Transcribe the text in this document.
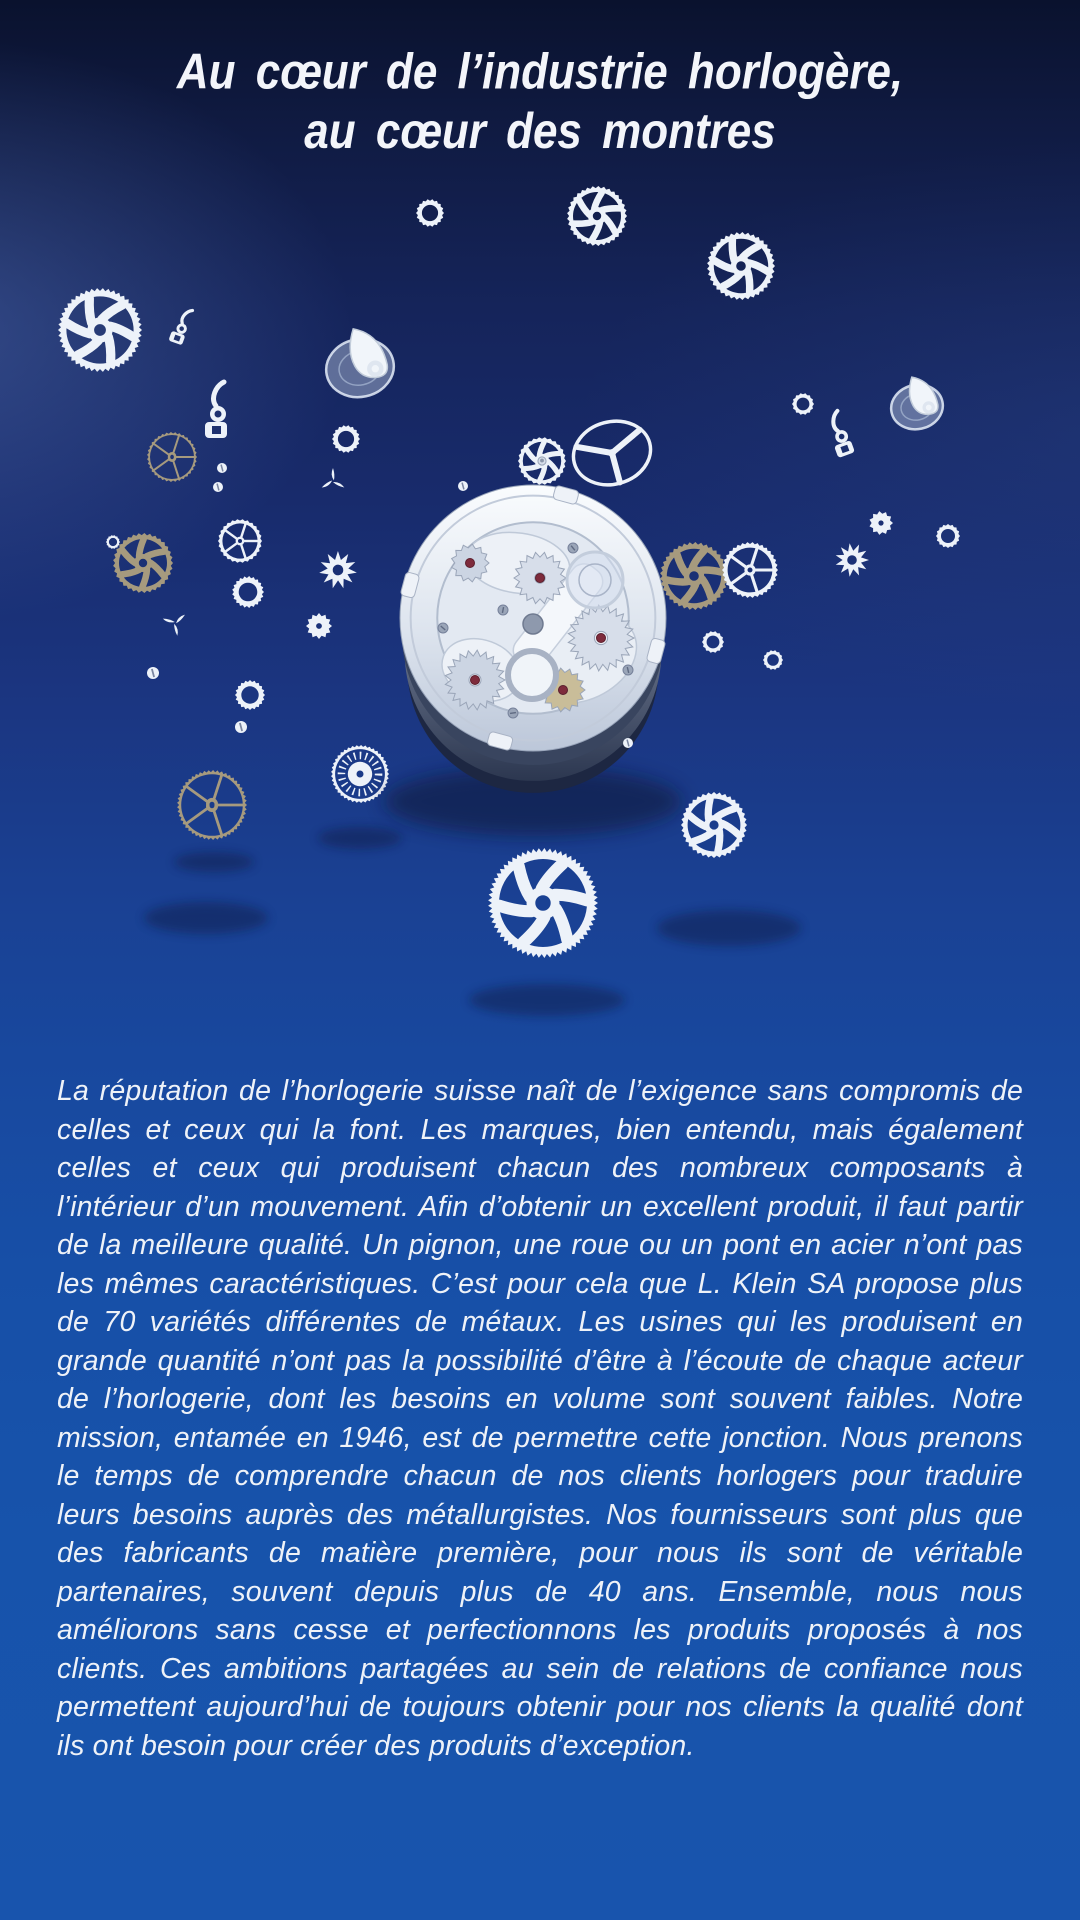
Au cœur de l’industrie horlogère,
au cœur des montres

La réputation de l’horlogerie suisse naît de l’exigence sans compromis de celles et ceux qui la font. Les marques, bien entendu, mais également celles et ceux qui produisent chacun des nombreux composants à l’intérieur d’un mouvement. Afin d’obtenir un excellent produit, il faut partir de la meilleure qualité. Un pignon, une roue ou un pont en acier n’ont pas les mêmes caractéristiques. C’est pour cela que L. Klein SA propose plus de 70 variétés différentes de métaux. Les usines qui les produisent en grande quantité n’ont pas la possibilité d’être à l’écoute de chaque acteur de l’horlogerie, dont les besoins en volume sont souvent faibles. Notre mission, entamée en 1946, est de permettre cette jonction. Nous prenons le temps de comprendre chacun de nos clients horlogers pour traduire leurs besoins auprès des métallurgistes. Nos fournisseurs sont plus que des fabricants de matière première, pour nous ils sont de véritable partenaires, souvent depuis plus de 40 ans. Ensemble, nous nous améliorons sans cesse et perfectionnons les produits proposés à nos clients. Ces ambitions partagées au sein de relations de confiance nous permettent aujourd’hui de toujours obtenir pour nos clients la qualité dont ils ont besoin pour créer des produits d’exception.
